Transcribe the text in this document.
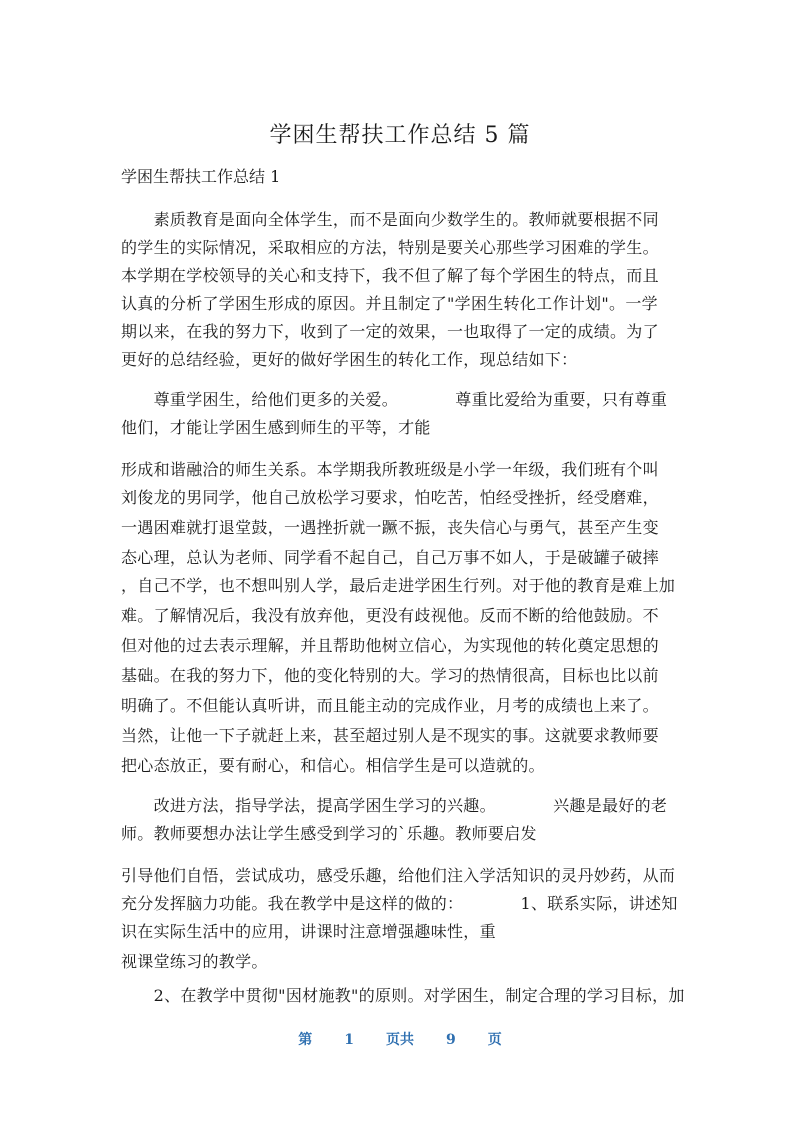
学困生帮扶工作总结 5 篇
学困生帮扶工作总结 1
　　素质教育是面向全体学生，而不是面向少数学生的。教师就要根据不同
的学生的实际情况，采取相应的方法，特别是要关心那些学习困难的学生。
本学期在学校领导的关心和支持下，我不但了解了每个学困生的特点，而且
认真的分析了学困生形成的原因。并且制定了"学困生转化工作计划"。一学
期以来，在我的努力下，收到了一定的效果，一也取得了一定的成绩。为了
更好的总结经验，更好的做好学困生的转化工作，现总结如下：
　　尊重学困生，给他们更多的关爱。　　　　尊重比爱给为重要，只有尊重
他们，才能让学困生感到师生的平等，才能
形成和谐融洽的师生关系。本学期我所教班级是小学一年级，我们班有个叫
刘俊龙的男同学，他自己放松学习要求，怕吃苦，怕经受挫折，经受磨难，
一遇困难就打退堂鼓，一遇挫折就一蹶不振，丧失信心与勇气，甚至产生变
态心理，总认为老师、同学看不起自己，自己万事不如人，于是破罐子破摔
，自己不学，也不想叫别人学，最后走进学困生行列。对于他的教育是难上加
难。了解情况后，我没有放弃他，更没有歧视他。反而不断的给他鼓励。不
但对他的过去表示理解，并且帮助他树立信心，为实现他的转化奠定思想的
基础。在我的努力下，他的变化特别的大。学习的热情很高，目标也比以前
明确了。不但能认真听讲，而且能主动的完成作业，月考的成绩也上来了。
当然，让他一下子就赶上来，甚至超过别人是不现实的事。这就要求教师要
把心态放正，要有耐心，和信心。相信学生是可以造就的。
　　改进方法，指导学法，提高学困生学习的兴趣。　　　　兴趣是最好的老
师。教师要想办法让学生感受到学习的`乐趣。教师要启发
引导他们自悟，尝试成功，感受乐趣，给他们注入学活知识的灵丹妙药，从而
充分发挥脑力功能。我在教学中是这样的做的：　　　　1、联系实际，讲述知
识在实际生活中的应用，讲课时注意增强趣味性，重
视课堂练习的教学。
　　2、在教学中贯彻"因材施教"的原则。对学困生，制定合理的学习目标，加
第 1 页共 9 页
